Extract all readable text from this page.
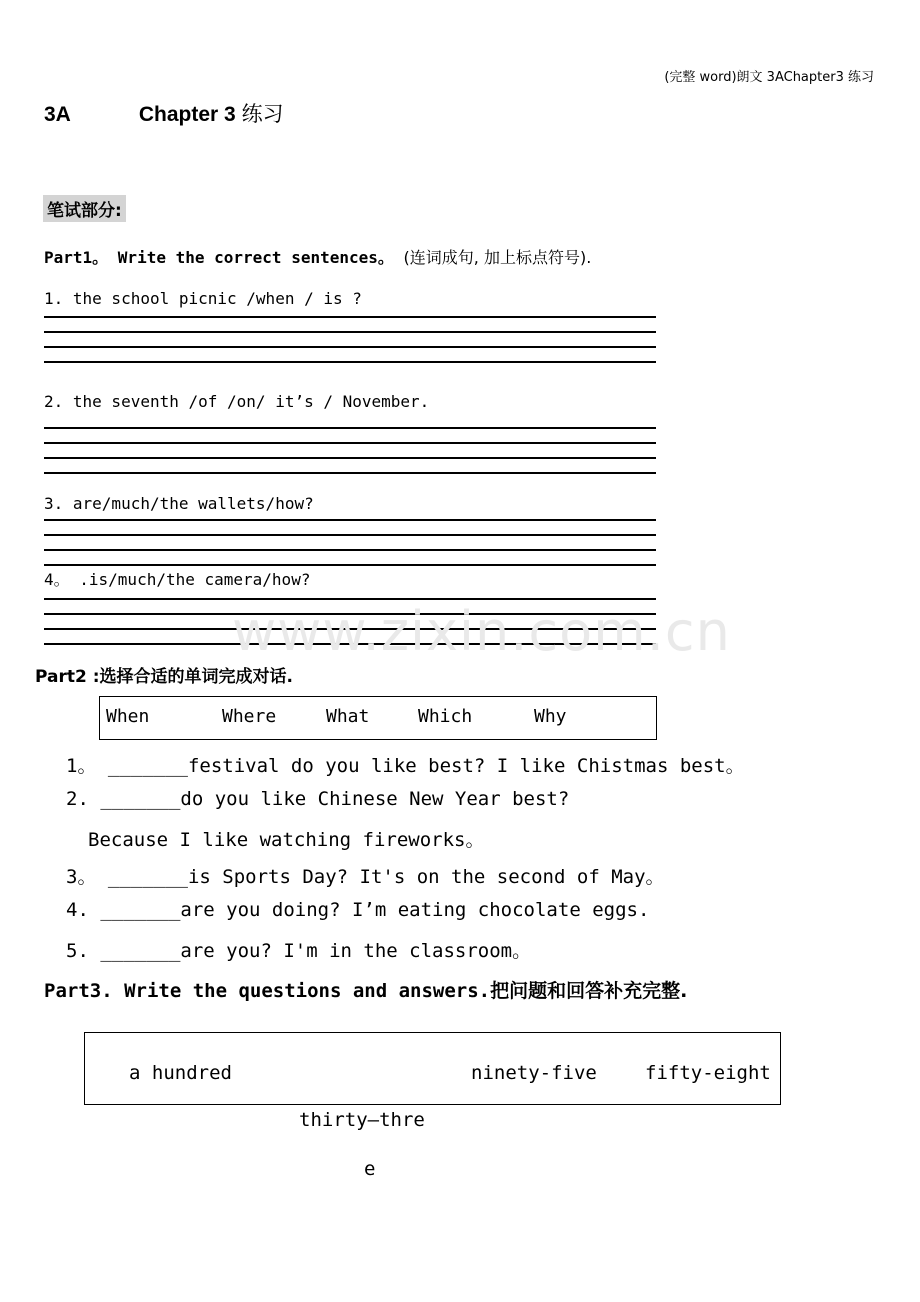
(完整 word)朗文 3AChapter3 练习
3A	Chapter 3 练习
笔试部分:
Part1。 Write the correct sentences。 (连词成句, 加上标点符号).
1. the school picnic /when / is ?
2. the seventh /of /on/ it’s / November.
3. are/much/the wallets/how?
4。 .is/much/the camera/how?
www.zixin.com.cn
Part2 :选择合适的单词完成对话.
When	Where	What	Which	Why
1。 _______festival do you like best? I like Chistmas best。
2. _______do you like Chinese New Year best?
Because I like watching fireworks。
3。 _______is Sports Day? It's on the second of May。
4. _______are you doing? I’m eating chocolate eggs.
5. _______are you? I'm in the classroom。
Part3. Write the questions and answers.把问题和回答补充完整.
a hundred	ninety-five	fifty-eight
thirty—thre
e
